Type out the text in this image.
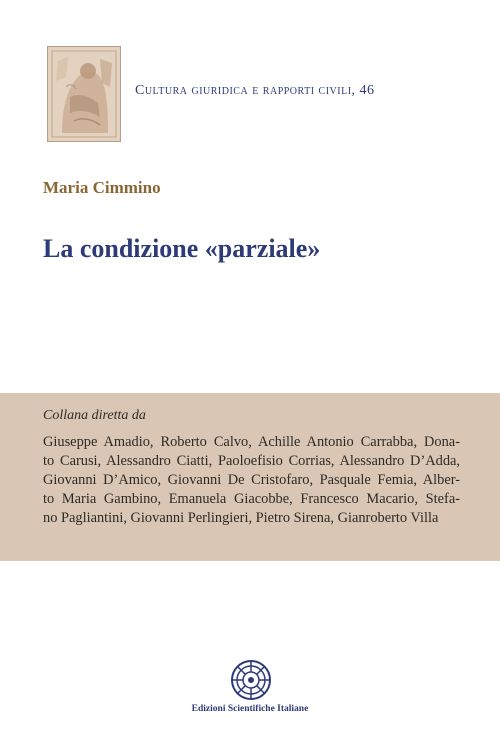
Cultura giuridica e rapporti civili, 46
Maria Cimmino
La condizione «parziale»
Collana diretta da
Giuseppe Amadio, Roberto Calvo, Achille Antonio Carrabba, Dona-
to Carusi, Alessandro Ciatti, Paoloefisio Corrias, Alessandro D’Adda,
Giovanni D’Amico, Giovanni De Cristofaro, Pasquale Femia, Alber-
to Maria Gambino, Emanuela Giacobbe, Francesco Macario, Stefa-
no Pagliantini, Giovanni Perlingieri, Pietro Sirena, Gianroberto Villa
Edizioni Scientifiche Italiane
